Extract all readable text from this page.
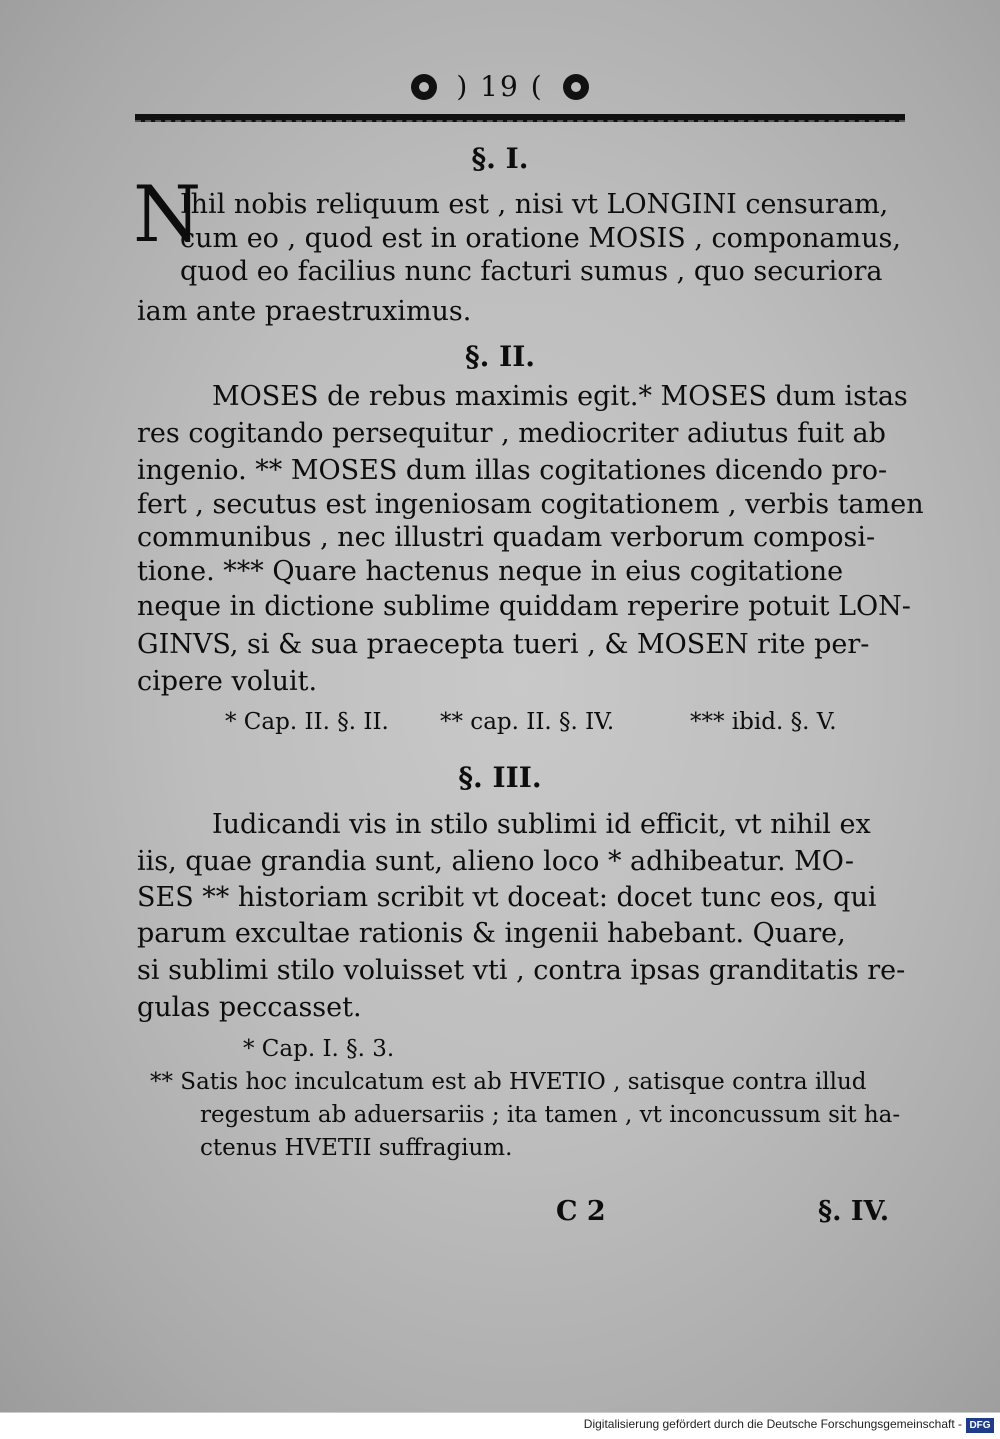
) 19 (
§. I.
N
Ihil nobis reliquum est , nisi vt LONGINI censuram,
cum eo , quod est in oratione MOSIS , componamus, quod eo facilius nunc facturi sumus , quo securiora
iam ante praestruximus.
§. II.
MOSES de rebus maximis egit.* MOSES dum istas
res cogitando persequitur , mediocriter adiutus fuit ab
ingenio. ** MOSES dum illas cogitationes dicendo pro-
fert , secutus est ingeniosam cogitationem , verbis tamen
communibus , nec illustri quadam verborum composi-
tione. *** Quare hactenus neque in eius cogitatione
neque in dictione sublime quiddam reperire potuit LON-
GINVS, si & sua praecepta tueri , & MOSEN rite per-
cipere voluit.
* Cap. II. §. II. ** cap. II. §. IV.	*** ibid. §. V.
§. III.
Iudicandi vis in stilo sublimi id efficit, vt nihil ex
iis, quae grandia sunt, alieno loco * adhibeatur. MO-
SES ** historiam scribit vt doceat: docet tunc eos, qui
parum excultae rationis & ingenii habebant. Quare,
si sublimi stilo voluisset vti , contra ipsas granditatis re-
gulas peccasset.
* Cap. I. §. 3.
** Satis hoc inculcatum est ab HVETIO , satisque contra illud
regestum ab aduersariis ; ita tamen , vt inconcussum sit ha-
ctenus HVETII suffragium.
C 2	§. IV.
Digitalisierung gefördert durch die Deutsche Forschungsgemeinschaft - DFG
